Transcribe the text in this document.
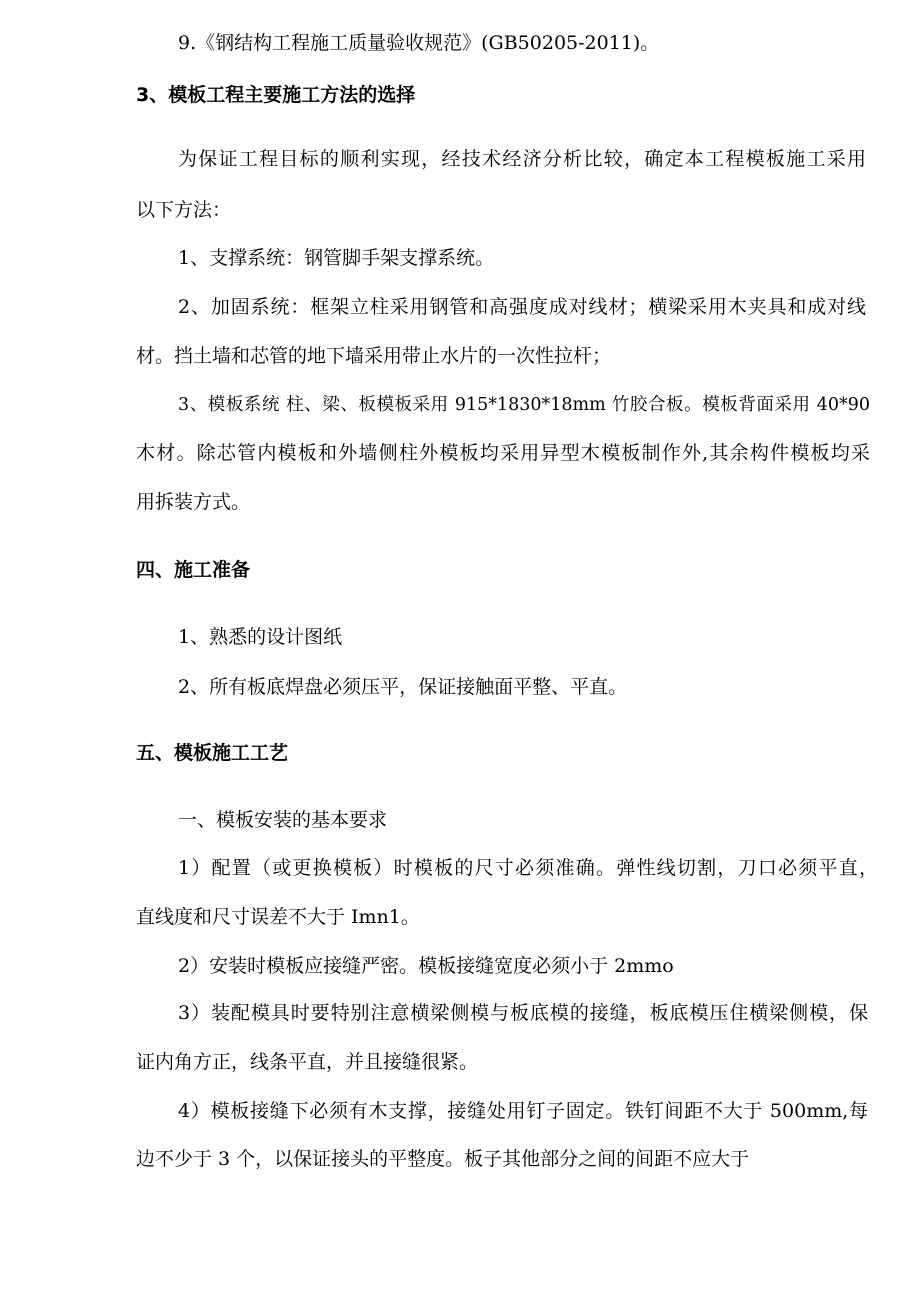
9.《钢结构工程施工质量验收规范》(GB50205-2011)。

3、模板工程主要施工方法的选择

为保证工程目标的顺利实现，经技术经济分析比较，确定本工程模板施工采用

以下方法：

1、支撑系统：钢管脚手架支撑系统。

2、加固系统：框架立柱采用钢管和高强度成对线材；横梁采用木夹具和成对线

材。挡土墙和芯管的地下墙采用带止水片的一次性拉杆；

3、模板系统 柱、梁、板模板采用 915*1830*18mm 竹胶合板。模板背面采用 40*90

木材。除芯管内模板和外墙侧柱外模板均采用异型木模板制作外,其余构件模板均采

用拆装方式。

四、施工准备

1、熟悉的设计图纸

2、所有板底焊盘必须压平，保证接触面平整、平直。

五、模板施工工艺

一、模板安装的基本要求

1）配置（或更换模板）时模板的尺寸必须准确。弹性线切割，刀口必须平直，

直线度和尺寸误差不大于 Imn1。

2）安装时模板应接缝严密。模板接缝宽度必须小于 2mmo

3）装配模具时要特别注意横梁侧模与板底模的接缝，板底模压住横梁侧模，保

证内角方正，线条平直，并且接缝很紧。

4）模板接缝下必须有木支撑，接缝处用钉子固定。铁钉间距不大于 500mm,每

边不少于 3 个，以保证接头的平整度。板子其他部分之间的间距不应大于
